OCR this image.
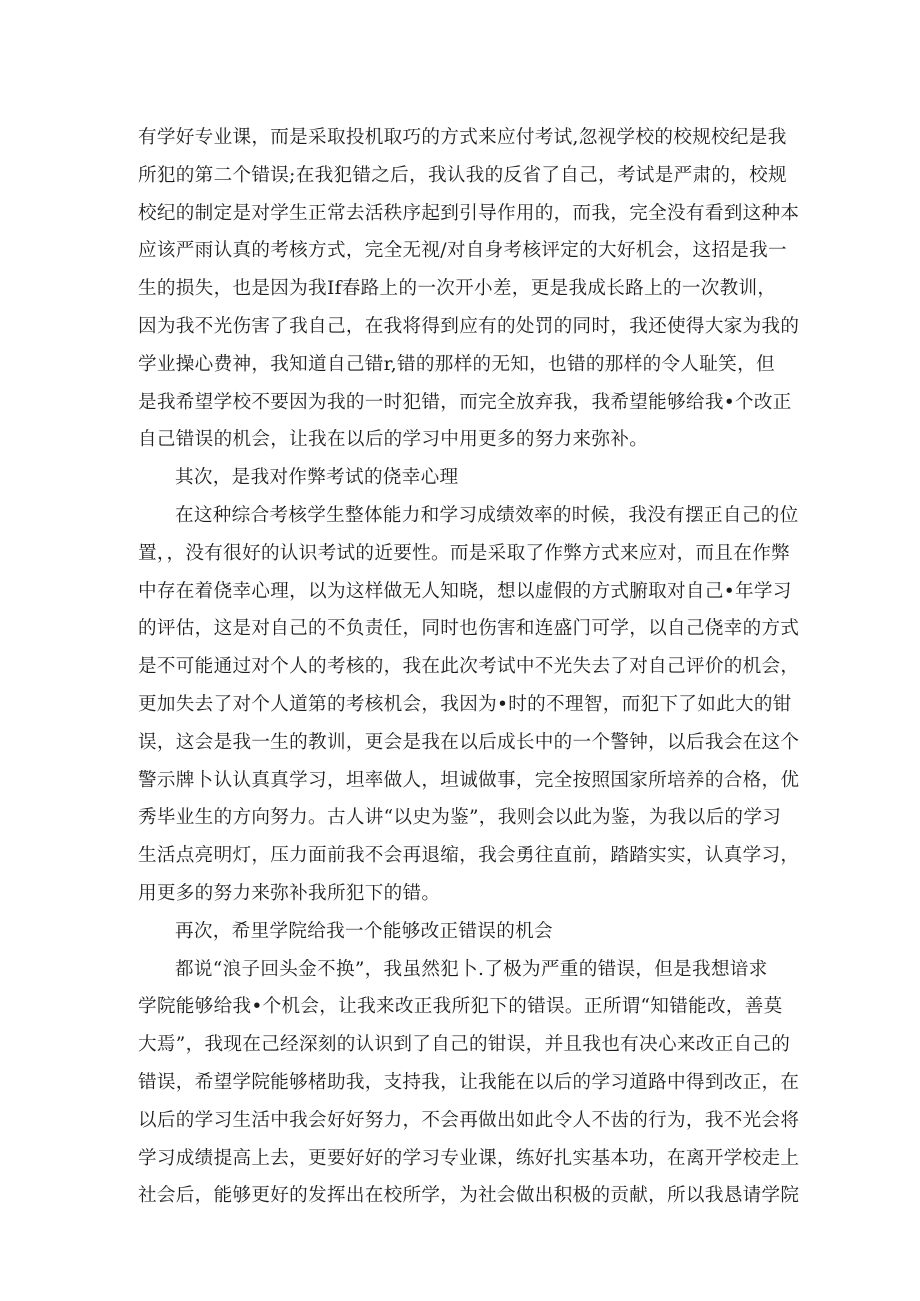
有学好专业课，而是采取投机取巧的方式来应付考试,忽视学校的校规校纪是我
所犯的第二个错误;在我犯错之后，我认我的反省了自己，考试是严肃的，校规
校纪的制定是对学生正常去活秩序起到引导作用的，而我，完全没有看到这种本
应该严雨认真的考核方式，完全无视/对自身考核评定的大好机会，这招是我一
生的损失，也是因为我If春路上的一次开小差，更是我成长路上的一次教训，
因为我不光伤害了我自己，在我将得到应有的处罚的同时，我还使得大家为我的
学业操心费神，我知道自己错r,错的那样的无知，也错的那样的令人耻笑，但
是我希望学校不要因为我的一时犯错，而完全放弃我，我希望能够给我•个改正
自己错误的机会，让我在以后的学习中用更多的努力来弥补。
其次，是我对作弊考试的侥幸心理
在这种综合考核学生整体能力和学习成绩效率的时候，我没有摆正自己的位
置，，没有很好的认识考试的近要性。而是采取了作弊方式来应对，而且在作弊
中存在着侥幸心理，以为这样做无人知晓，想以虚假的方式腑取对自己•年学习
的评估，这是对自己的不负责任，同时也伤害和连盛门可学，以自己侥幸的方式
是不可能通过对个人的考核的，我在此次考试中不光失去了对自己评价的机会，
更加失去了对个人道第的考核机会，我因为•时的不理智，而犯下了如此大的钳
误，这会是我一生的教训，更会是我在以后成长中的一个警钟，以后我会在这个
警示牌卜认认真真学习，坦率做人，坦诚做事，完全按照国家所培养的合格，优
秀毕业生的方向努力。古人讲“以史为鉴”，我则会以此为鉴，为我以后的学习
生活点亮明灯，压力面前我不会再退缩，我会勇往直前，踏踏实实，认真学习，
用更多的努力来弥补我所犯下的错。
再次，希里学院给我一个能够改正错误的机会
都说“浪子回头金不换”，我虽然犯卜.了极为严重的错误，但是我想谙求
学院能够给我•个机会，让我来改正我所犯下的错误。正所谓“知错能改，善莫
大焉”，我现在己经深刻的认识到了自己的钳误，并且我也有决心来改正自己的
错误，希望学院能够楮助我，支持我，让我能在以后的学习道路中得到改正，在
以后的学习生活中我会好好努力，不会再做出如此令人不齿的行为，我不光会将
学习成绩提高上去，更要好好的学习专业课，练好扎实基本功，在离开学校走上
社会后，能够更好的发挥出在校所学，为社会做出积极的贡献，所以我恳请学院
